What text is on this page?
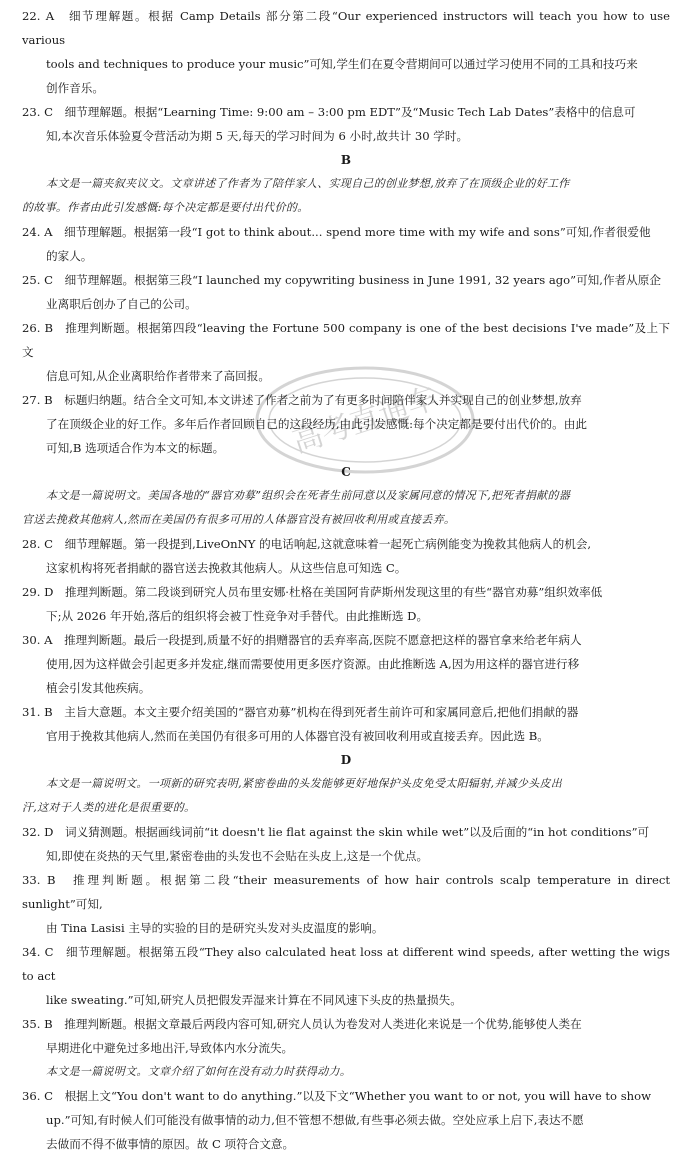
22. A　细节理解题。根据 Camp Details 部分第二段“Our experienced instructors will teach you how to use various
tools and techniques to produce your music”可知,学生们在夏令营期间可以通过学习使用不同的工具和技巧来
创作音乐。

23. C　细节理解题。根据“Learning Time: 9:00 am – 3:00 pm EDT”及“Music Tech Lab Dates”表格中的信息可
知,本次音乐体验夏令营活动为期 5 天,每天的学习时间为 6 小时,故共计 30 学时。

B

本文是一篇夹叙夹议文。文章讲述了作者为了陪伴家人、实现自己的创业梦想,放弃了在顶级企业的好工作

的故事。作者由此引发感慨:每个决定都是要付出代价的。

24. A　细节理解题。根据第一段“I got to think about... spend more time with my wife and sons”可知,作者很爱他
的家人。

25. C　细节理解题。根据第三段“I launched my copywriting business in June 1991, 32 years ago”可知,作者从原企
业离职后创办了自己的公司。

26. B　推理判断题。根据第四段“leaving the Fortune 500 company is one of the best decisions I've made”及上下文
信息可知,从企业离职给作者带来了高回报。

27. B　标题归纳题。结合全文可知,本文讲述了作者之前为了有更多时间陪伴家人并实现自己的创业梦想,放弃
了在顶级企业的好工作。多年后作者回顾自己的这段经历,由此引发感慨:每个决定都是要付出代价的。由此
可知,B 选项适合作为本文的标题。

C

本文是一篇说明文。美国各地的“器官劝募”组织会在死者生前同意以及家属同意的情况下,把死者捐献的器

官送去挽救其他病人,然而在美国仍有很多可用的人体器官没有被回收利用或直接丢弃。

28. C　细节理解题。第一段提到,LiveOnNY 的电话响起,这就意味着一起死亡病例能变为挽救其他病人的机会,
这家机构将死者捐献的器官送去挽救其他病人。从这些信息可知选 C。

29. D　推理判断题。第二段谈到研究人员布里安娜·杜格在美国阿肯萨斯州发现这里的有些“器官劝募”组织效率低
下;从 2026 年开始,落后的组织将会被丁性竞争对手替代。由此推断选 D。

30. A　推理判断题。最后一段提到,质量不好的捐赠器官的丢弃率高,医院不愿意把这样的器官拿来给老年病人
使用,因为这样做会引起更多并发症,继而需要使用更多医疗资源。由此推断选 A,因为用这样的器官进行移
植会引发其他疾病。

31. B　主旨大意题。本文主要介绍美国的“器官劝募”机构在得到死者生前许可和家属同意后,把他们捐献的器
官用于挽救其他病人,然而在美国仍有很多可用的人体器官没有被回收利用或直接丢弃。因此选 B。

D

本文是一篇说明文。一项新的研究表明,紧密卷曲的头发能够更好地保护头皮免受太阳辐射,并减少头皮出

汗,这对于人类的进化是很重要的。

32. D　词义猜测题。根据画线词前“it doesn't lie flat against the skin while wet”以及后面的“in hot conditions”可
知,即使在炎热的天气里,紧密卷曲的头发也不会贴在头皮上,这是一个优点。

33. B　推理判断题。根据第二段“their measurements of how hair controls scalp temperature in direct sunlight”可知,
由 Tina Lasisi 主导的实验的目的是研究头发对头皮温度的影响。

34. C　细节理解题。根据第五段“They also calculated heat loss at different wind speeds, after wetting the wigs to act
like sweating.”可知,研究人员把假发弄湿来计算在不同风速下头皮的热量损失。

35. B　推理判断题。根据文章最后两段内容可知,研究人员认为卷发对人类进化来说是一个优势,能够使人类在
早期进化中避免过多地出汗,导致体内水分流失。

本文是一篇说明文。文章介绍了如何在没有动力时获得动力。

36. C　根据上文“You don't want to do anything.”以及下文“Whether you want to or not, you will have to show
up.”可知,有时候人们可能没有做事情的动力,但不管想不想做,有些事必须去做。空处应承上启下,表达不愿
去做而不得不做事情的原因。故 C 项符合文意。

高考直通车
